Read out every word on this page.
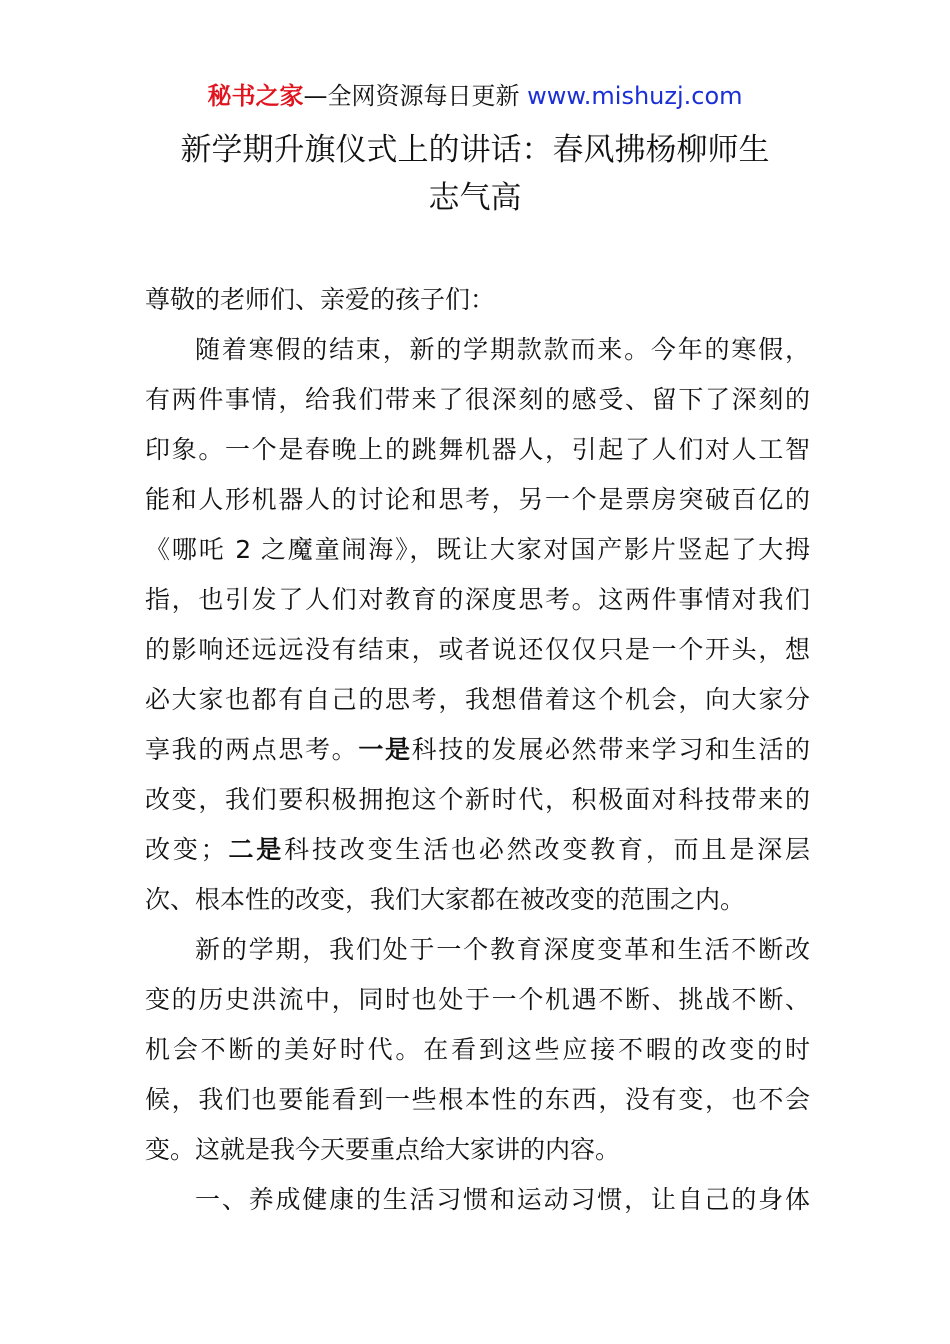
秘书之家—全网资源每日更新 www.mishuzj.com
新学期升旗仪式上的讲话：春风拂杨柳师生
志气高
尊敬的老师们、亲爱的孩子们：
随着寒假的结束，新的学期款款而来。今年的寒假，
有两件事情，给我们带来了很深刻的感受、留下了深刻的
印象。一个是春晚上的跳舞机器人，引起了人们对人工智
能和人形机器人的讨论和思考，另一个是票房突破百亿的
《哪吒 2 之魔童闹海》，既让大家对国产影片竖起了大拇
指，也引发了人们对教育的深度思考。这两件事情对我们
的影响还远远没有结束，或者说还仅仅只是一个开头，想
必大家也都有自己的思考，我想借着这个机会，向大家分
享我的两点思考。一是科技的发展必然带来学习和生活的
改变，我们要积极拥抱这个新时代，积极面对科技带来的
改变；二是科技改变生活也必然改变教育，而且是深层
次、根本性的改变，我们大家都在被改变的范围之内。
新的学期，我们处于一个教育深度变革和生活不断改
变的历史洪流中，同时也处于一个机遇不断、挑战不断、
机会不断的美好时代。在看到这些应接不暇的改变的时
候，我们也要能看到一些根本性的东西，没有变，也不会
变。这就是我今天要重点给大家讲的内容。
一、养成健康的生活习惯和运动习惯，让自己的身体
